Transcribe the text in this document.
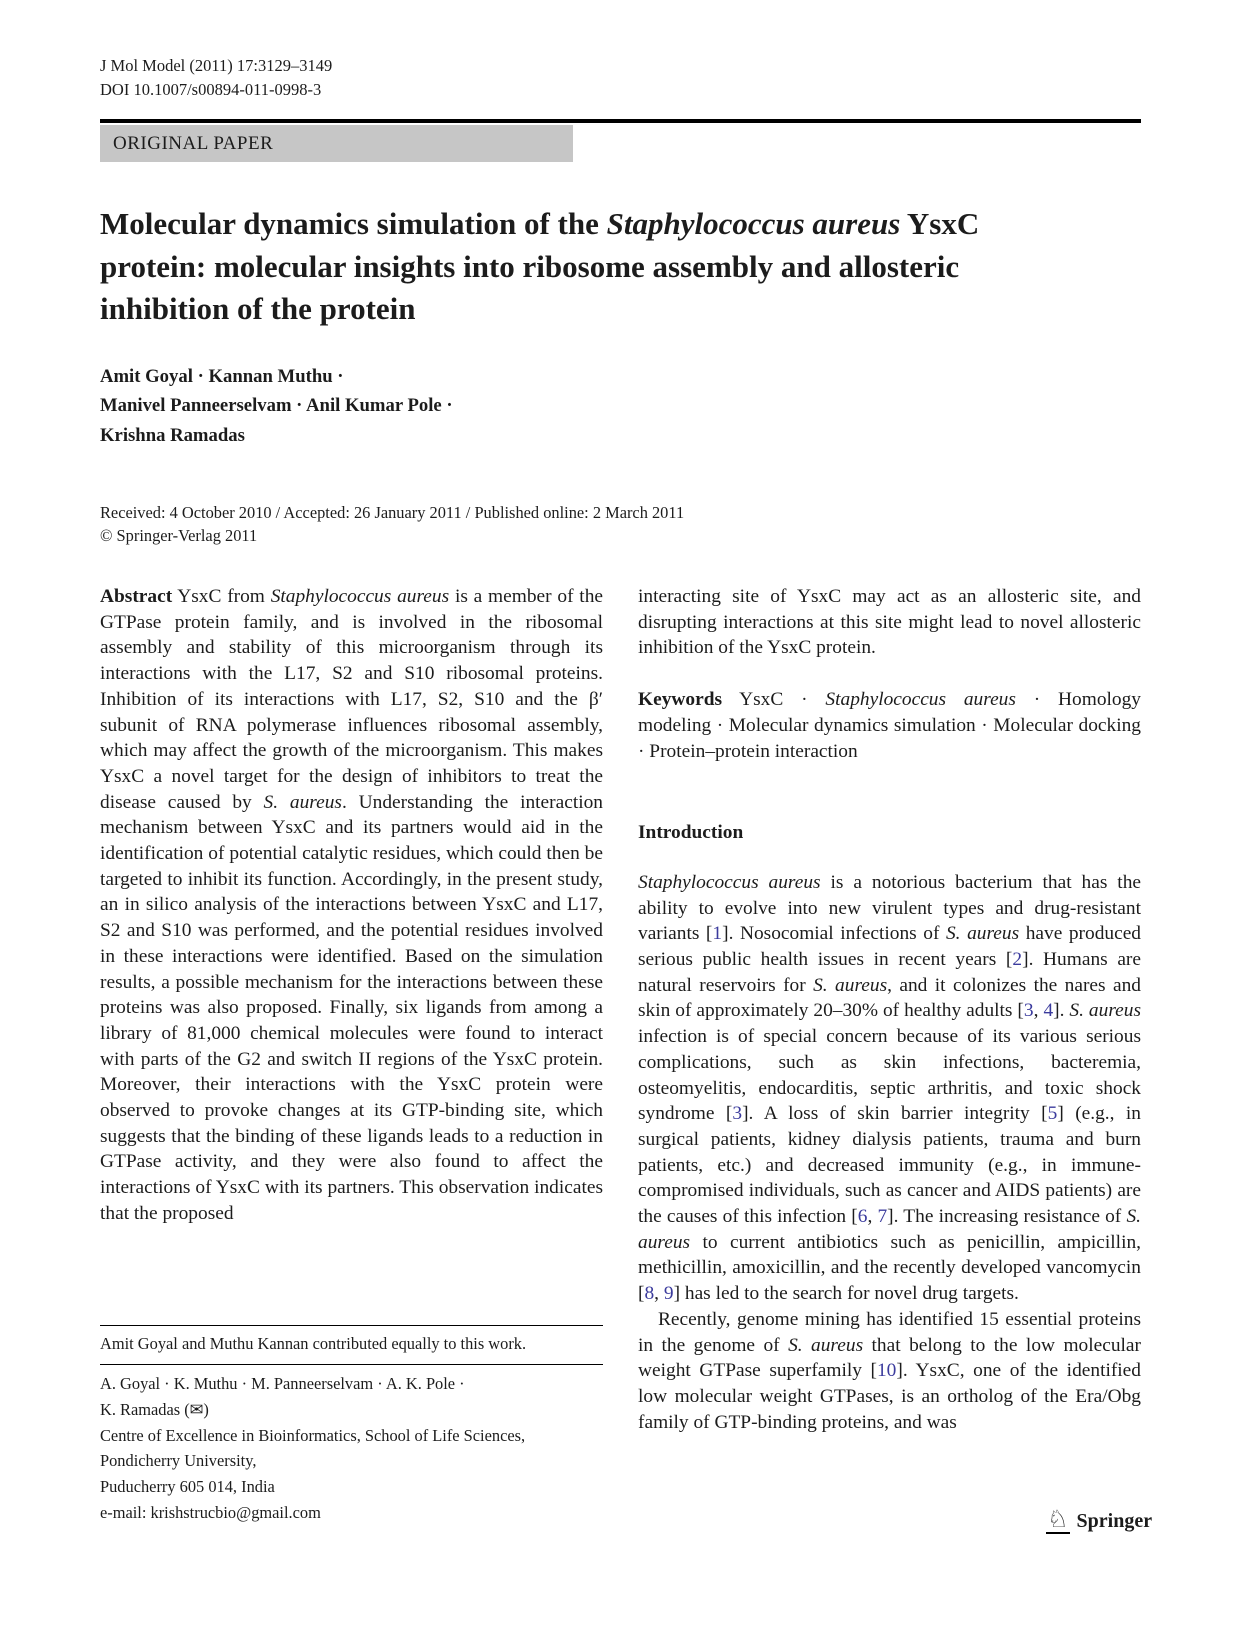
J Mol Model (2011) 17:3129–3149
DOI 10.1007/s00894-011-0998-3
ORIGINAL PAPER
Molecular dynamics simulation of the Staphylococcus aureus YsxC protein: molecular insights into ribosome assembly and allosteric inhibition of the protein
Amit Goyal · Kannan Muthu ·
Manivel Panneerselvam · Anil Kumar Pole ·
Krishna Ramadas
Received: 4 October 2010 / Accepted: 26 January 2011 / Published online: 2 March 2011
© Springer-Verlag 2011

Abstract YsxC from Staphylococcus aureus is a member of the GTPase protein family, and is involved in the ribosomal assembly and stability of this microorganism through its interactions with the L17, S2 and S10 ribosomal proteins. Inhibition of its interactions with L17, S2, S10 and the β′ subunit of RNA polymerase influences ribosomal assembly, which may affect the growth of the microorganism. This makes YsxC a novel target for the design of inhibitors to treat the disease caused by S. aureus. Understanding the interaction mechanism between YsxC and its partners would aid in the identification of potential catalytic residues, which could then be targeted to inhibit its function. Accordingly, in the present study, an in silico analysis of the interactions between YsxC and L17, S2 and S10 was performed, and the potential residues involved in these interactions were identified. Based on the simulation results, a possible mechanism for the interactions between these proteins was also proposed. Finally, six ligands from among a library of 81,000 chemical molecules were found to interact with parts of the G2 and switch II regions of the YsxC protein. Moreover, their interactions with the YsxC protein were observed to provoke changes at its GTP-binding site, which suggests that the binding of these ligands leads to a reduction in GTPase activity, and they were also found to affect the interactions of YsxC with its partners. This observation indicates that the proposed

interacting site of YsxC may act as an allosteric site, and disrupting interactions at this site might lead to novel allosteric inhibition of the YsxC protein.

Keywords YsxC · Staphylococcus aureus · Homology modeling · Molecular dynamics simulation · Molecular docking · Protein–protein interaction

Introduction

Staphylococcus aureus is a notorious bacterium that has the ability to evolve into new virulent types and drug-resistant variants [1]. Nosocomial infections of S. aureus have produced serious public health issues in recent years [2]. Humans are natural reservoirs for S. aureus, and it colonizes the nares and skin of approximately 20–30% of healthy adults [3, 4]. S. aureus infection is of special concern because of its various serious complications, such as skin infections, bacteremia, osteomyelitis, endocarditis, septic arthritis, and toxic shock syndrome [3]. A loss of skin barrier integrity [5] (e.g., in surgical patients, kidney dialysis patients, trauma and burn patients, etc.) and decreased immunity (e.g., in immune-compromised individuals, such as cancer and AIDS patients) are the causes of this infection [6, 7]. The increasing resistance of S. aureus to current antibiotics such as penicillin, ampicillin, methicillin, amoxicillin, and the recently developed vancomycin [8, 9] has led to the search for novel drug targets.

Recently, genome mining has identified 15 essential proteins in the genome of S. aureus that belong to the low molecular weight GTPase superfamily [10]. YsxC, one of the identified low molecular weight GTPases, is an ortholog of the Era/Obg family of GTP-binding proteins, and was

Amit Goyal and Muthu Kannan contributed equally to this work.

A. Goyal · K. Muthu · M. Panneerselvam · A. K. Pole ·
K. Ramadas (✉)
Centre of Excellence in Bioinformatics, School of Life Sciences,
Pondicherry University,
Puducherry 605 014, India
e-mail: krishstrucbio@gmail.com	♘ Springer
